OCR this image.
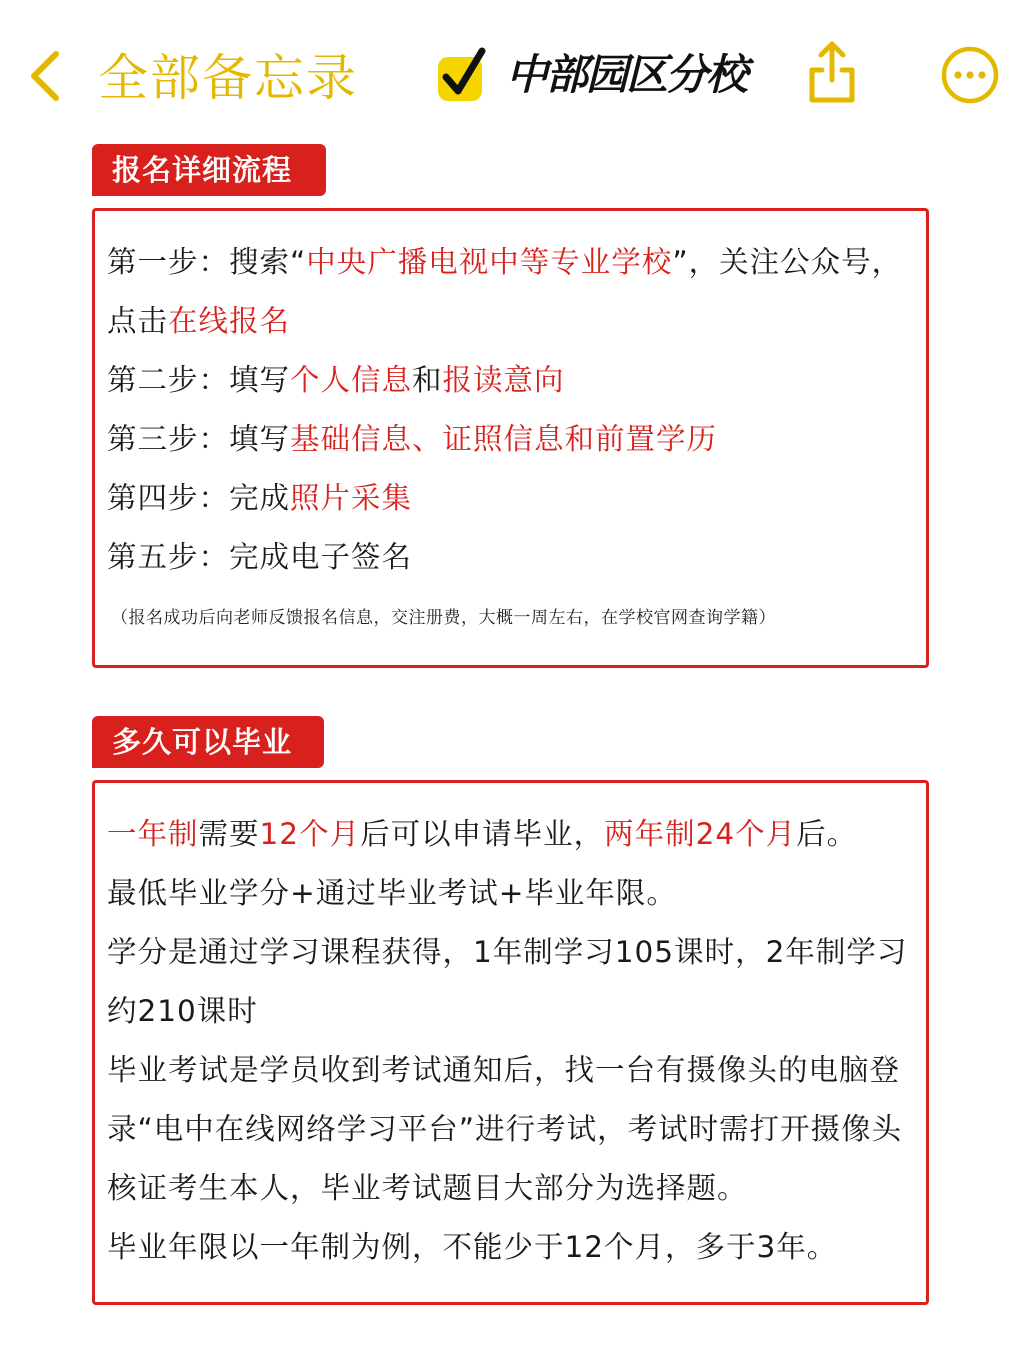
全部备忘录	中部园区分校
报名详细流程
第一步：搜索“中央广播电视中等专业学校”，关注公众号，点击在线报名
第二步：填写个人信息和报读意向
第三步：填写基础信息、证照信息和前置学历
第四步：完成照片采集
第五步：完成电子签名
（报名成功后向老师反馈报名信息，交注册费，大概一周左右，在学校官网查询学籍）
多久可以毕业
一年制需要12个月后可以申请毕业，两年制24个月后。
最低毕业学分+通过毕业考试+毕业年限。
学分是通过学习课程获得，1年制学习105课时，2年制学习约210课时
毕业考试是学员收到考试通知后，找一台有摄像头的电脑登录“电中在线网络学习平台”进行考试，考试时需打开摄像头核证考生本人，毕业考试题目大部分为选择题。
毕业年限以一年制为例，不能少于12个月，多于3年。
